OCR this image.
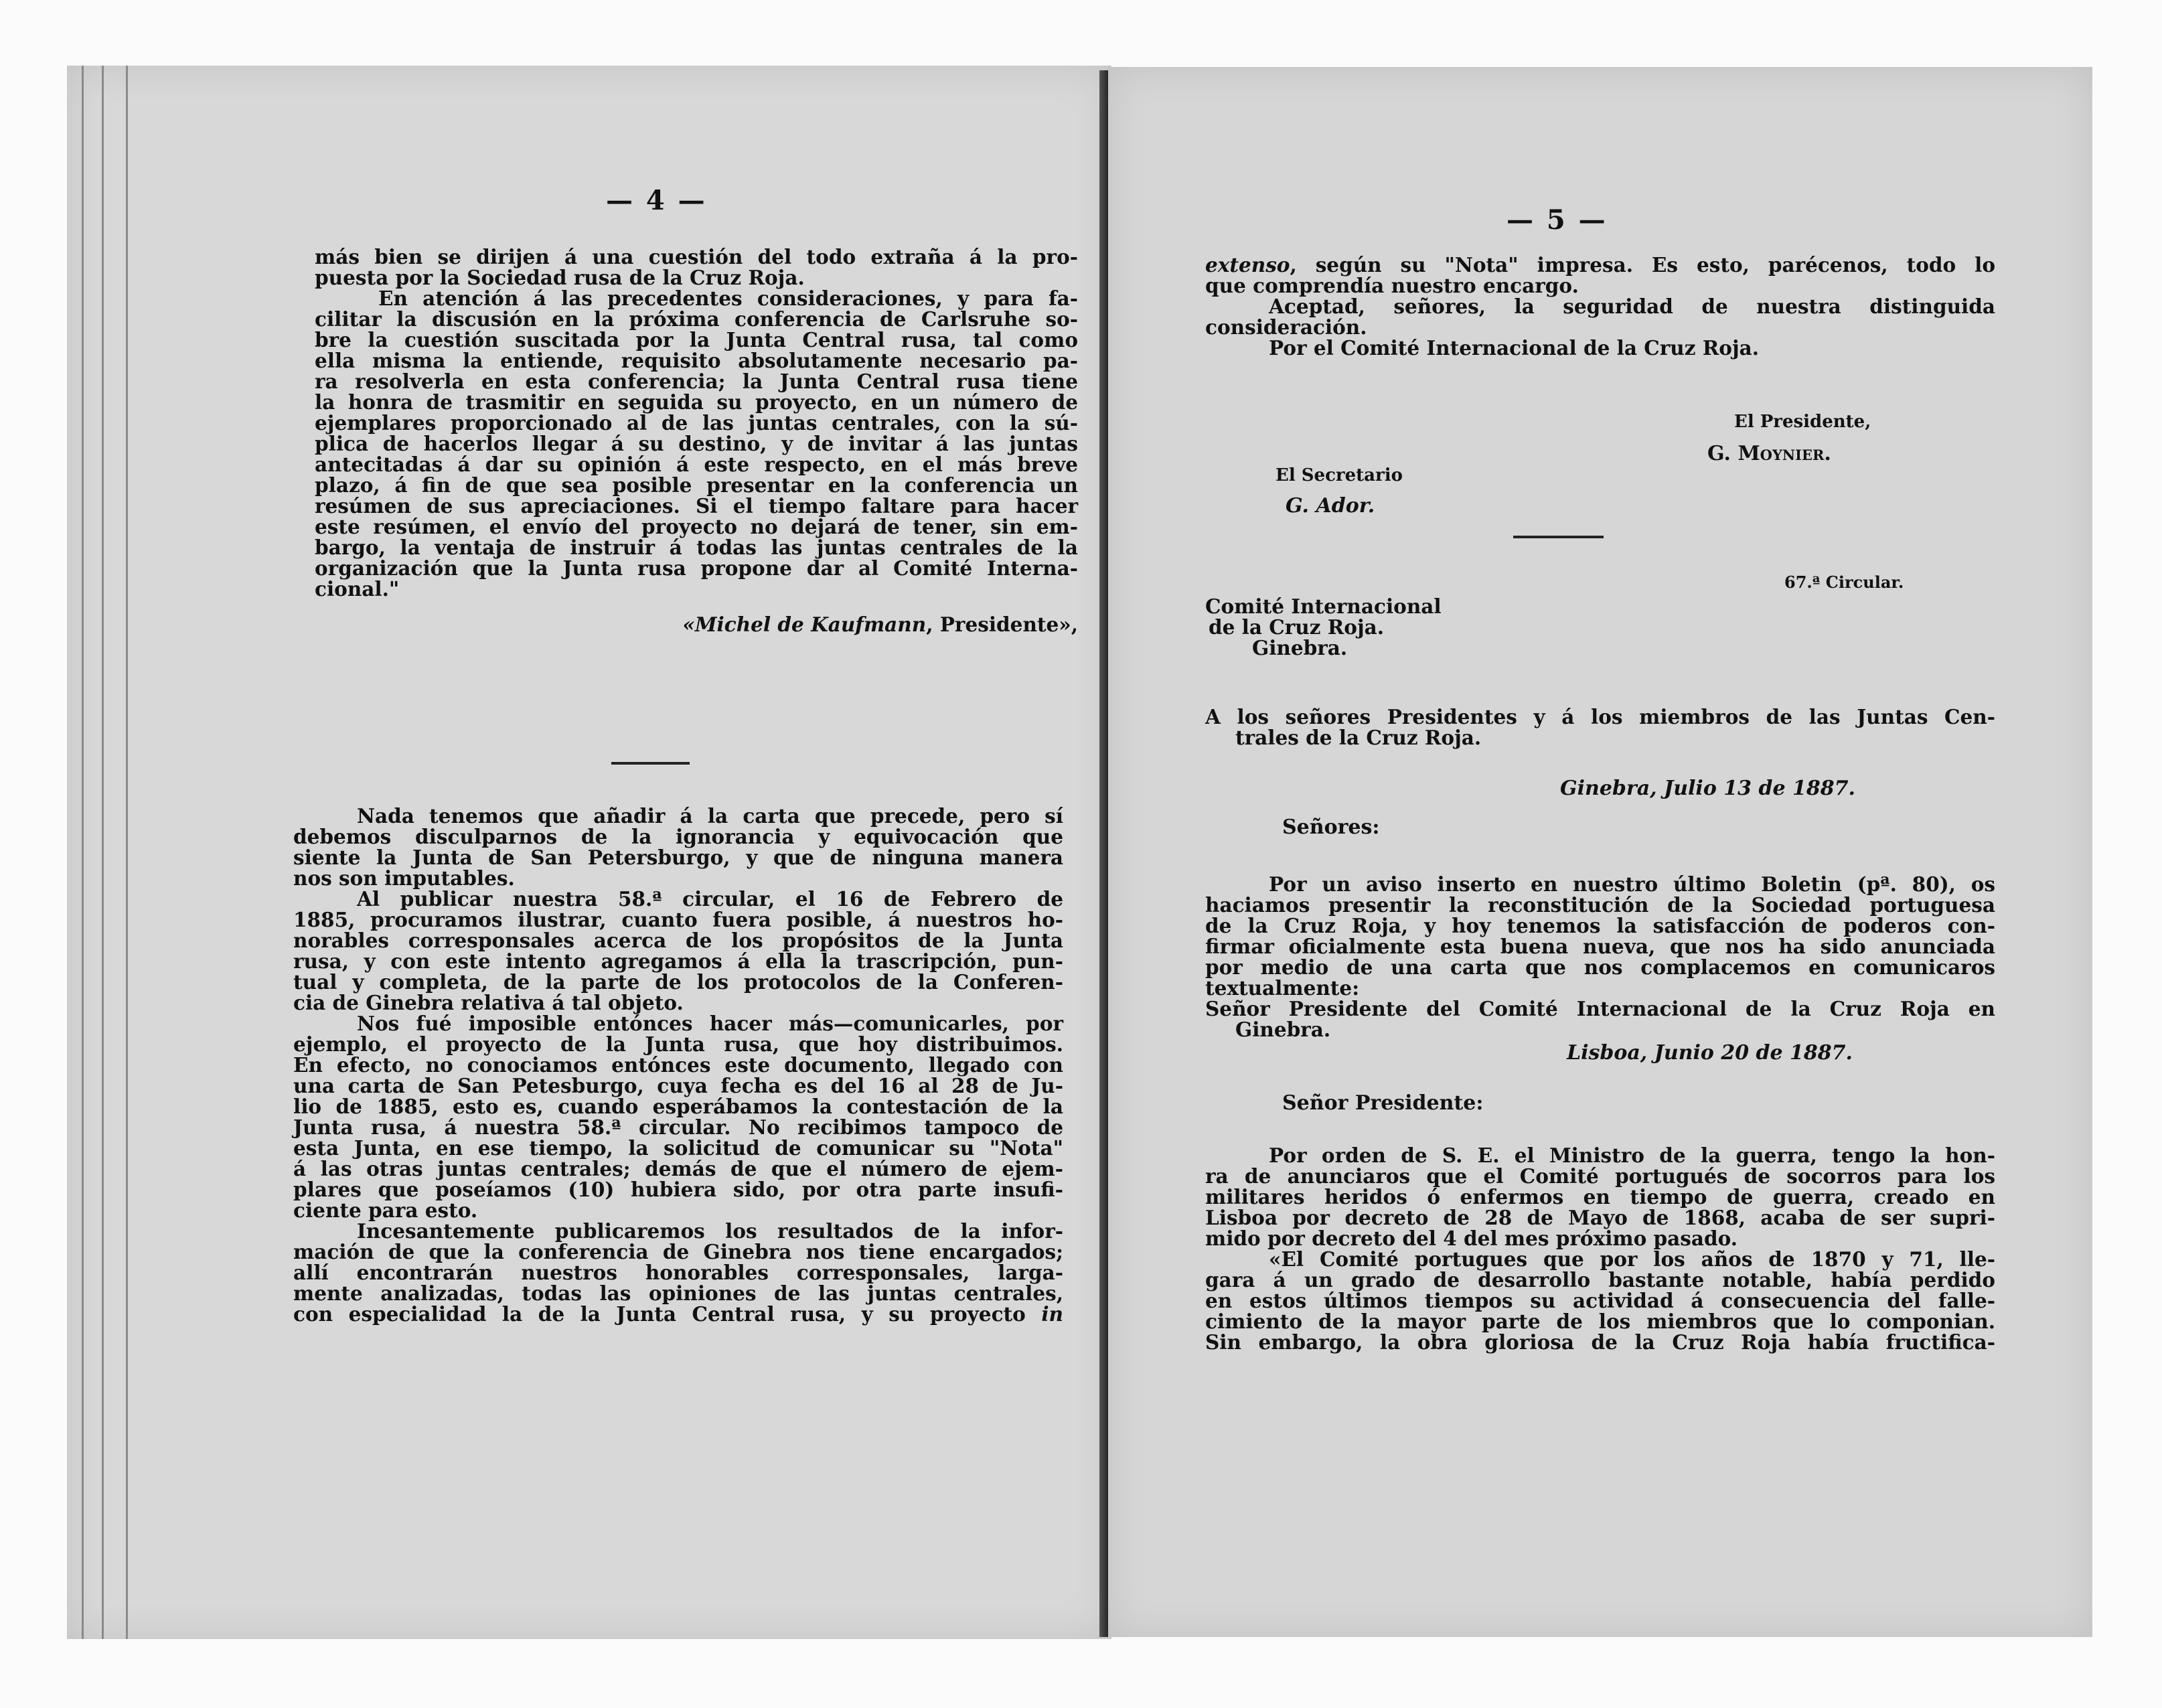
— 4 —
más bien se dirijen á una cuestión del todo extraña á la pro-
puesta por la Sociedad rusa de la Cruz Roja.
En atención á las precedentes consideraciones, y para fa-
cilitar la discusión en la próxima conferencia de Carlsruhe so-
bre la cuestión suscitada por la Junta Central rusa, tal como
ella misma la entiende, requisito absolutamente necesario pa-
ra resolverla en esta conferencia; la Junta Central rusa tiene
la honra de trasmitir en seguida su proyecto, en un número de
ejemplares proporcionado al de las juntas centrales, con la sú-
plica de hacerlos llegar á su destino, y de invitar á las juntas
antecitadas á dar su opinión á este respecto, en el más breve
plazo, á fin de que sea posible presentar en la conferencia un
resúmen de sus apreciaciones. Si el tiempo faltare para hacer
este resúmen, el envío del proyecto no dejará de tener, sin em-
bargo, la ventaja de instruir á todas las juntas centrales de la
organización que la Junta rusa propone dar al Comité Interna-
cional."
«Michel de Kaufmann, Presidente»,
Nada tenemos que añadir á la carta que precede, pero sí
debemos disculparnos de la ignorancia y equivocación que
siente la Junta de San Petersburgo, y que de ninguna manera
nos son imputables.
Al publicar nuestra 58.ª circular, el 16 de Febrero de
1885, procuramos ilustrar, cuanto fuera posible, á nuestros ho-
norables corresponsales acerca de los propósitos de la Junta
rusa, y con este intento agregamos á ella la trascripción, pun-
tual y completa, de la parte de los protocolos de la Conferen-
cia de Ginebra relativa á tal objeto.
Nos fué imposible entónces hacer más—comunicarles, por
ejemplo, el proyecto de la Junta rusa, que hoy distribuimos.
En efecto, no conociamos entónces este documento, llegado con
una carta de San Petesburgo, cuya fecha es del 16 al 28 de Ju-
lio de 1885, esto es, cuando esperábamos la contestación de la
Junta rusa, á nuestra 58.ª circular. No recibimos tampoco de
esta Junta, en ese tiempo, la solicitud de comunicar su "Nota"
á las otras juntas centrales; demás de que el número de ejem-
plares que poseíamos (10) hubiera sido, por otra parte insufi-
ciente para esto.
Incesantemente publicaremos los resultados de la infor-
mación de que la conferencia de Ginebra nos tiene encargados;
allí encontrarán nuestros honorables corresponsales, larga-
mente analizadas, todas las opiniones de las juntas centrales,
con especialidad la de la Junta Central rusa, y su proyecto in
— 5 —
extenso, según su "Nota" impresa. Es esto, parécenos, todo lo
que comprendía nuestro encargo.
Aceptad, señores, la seguridad de nuestra distinguida
consideración.
Por el Comité Internacional de la Cruz Roja.
El Presidente,
G. Moynier.
El Secretario
G. Ador.
67.ª Circular.
Comité Internacional
de la Cruz Roja.
Ginebra.
A los señores Presidentes y á los miembros de las Juntas Cen-
trales de la Cruz Roja.
Ginebra, Julio 13 de 1887.
Señores:
Por un aviso inserto en nuestro último Boletin (pª. 80), os
haciamos presentir la reconstitución de la Sociedad portuguesa
de la Cruz Roja, y hoy tenemos la satisfacción de poderos con-
firmar oficialmente esta buena nueva, que nos ha sido anunciada
por medio de una carta que nos complacemos en comunicaros
textualmente:
Señor Presidente del Comité Internacional de la Cruz Roja en
Ginebra.
Lisboa, Junio 20 de 1887.
Señor Presidente:
Por orden de S. E. el Ministro de la guerra, tengo la hon-
ra de anunciaros que el Comité portugués de socorros para los
militares heridos ó enfermos en tiempo de guerra, creado en
Lisboa por decreto de 28 de Mayo de 1868, acaba de ser supri-
mido por decreto del 4 del mes próximo pasado.
«El Comité portugues que por los años de 1870 y 71, lle-
gara á un grado de desarrollo bastante notable, había perdido
en estos últimos tiempos su actividad á consecuencia del falle-
cimiento de la mayor parte de los miembros que lo componian.
Sin embargo, la obra gloriosa de la Cruz Roja había fructifica-
